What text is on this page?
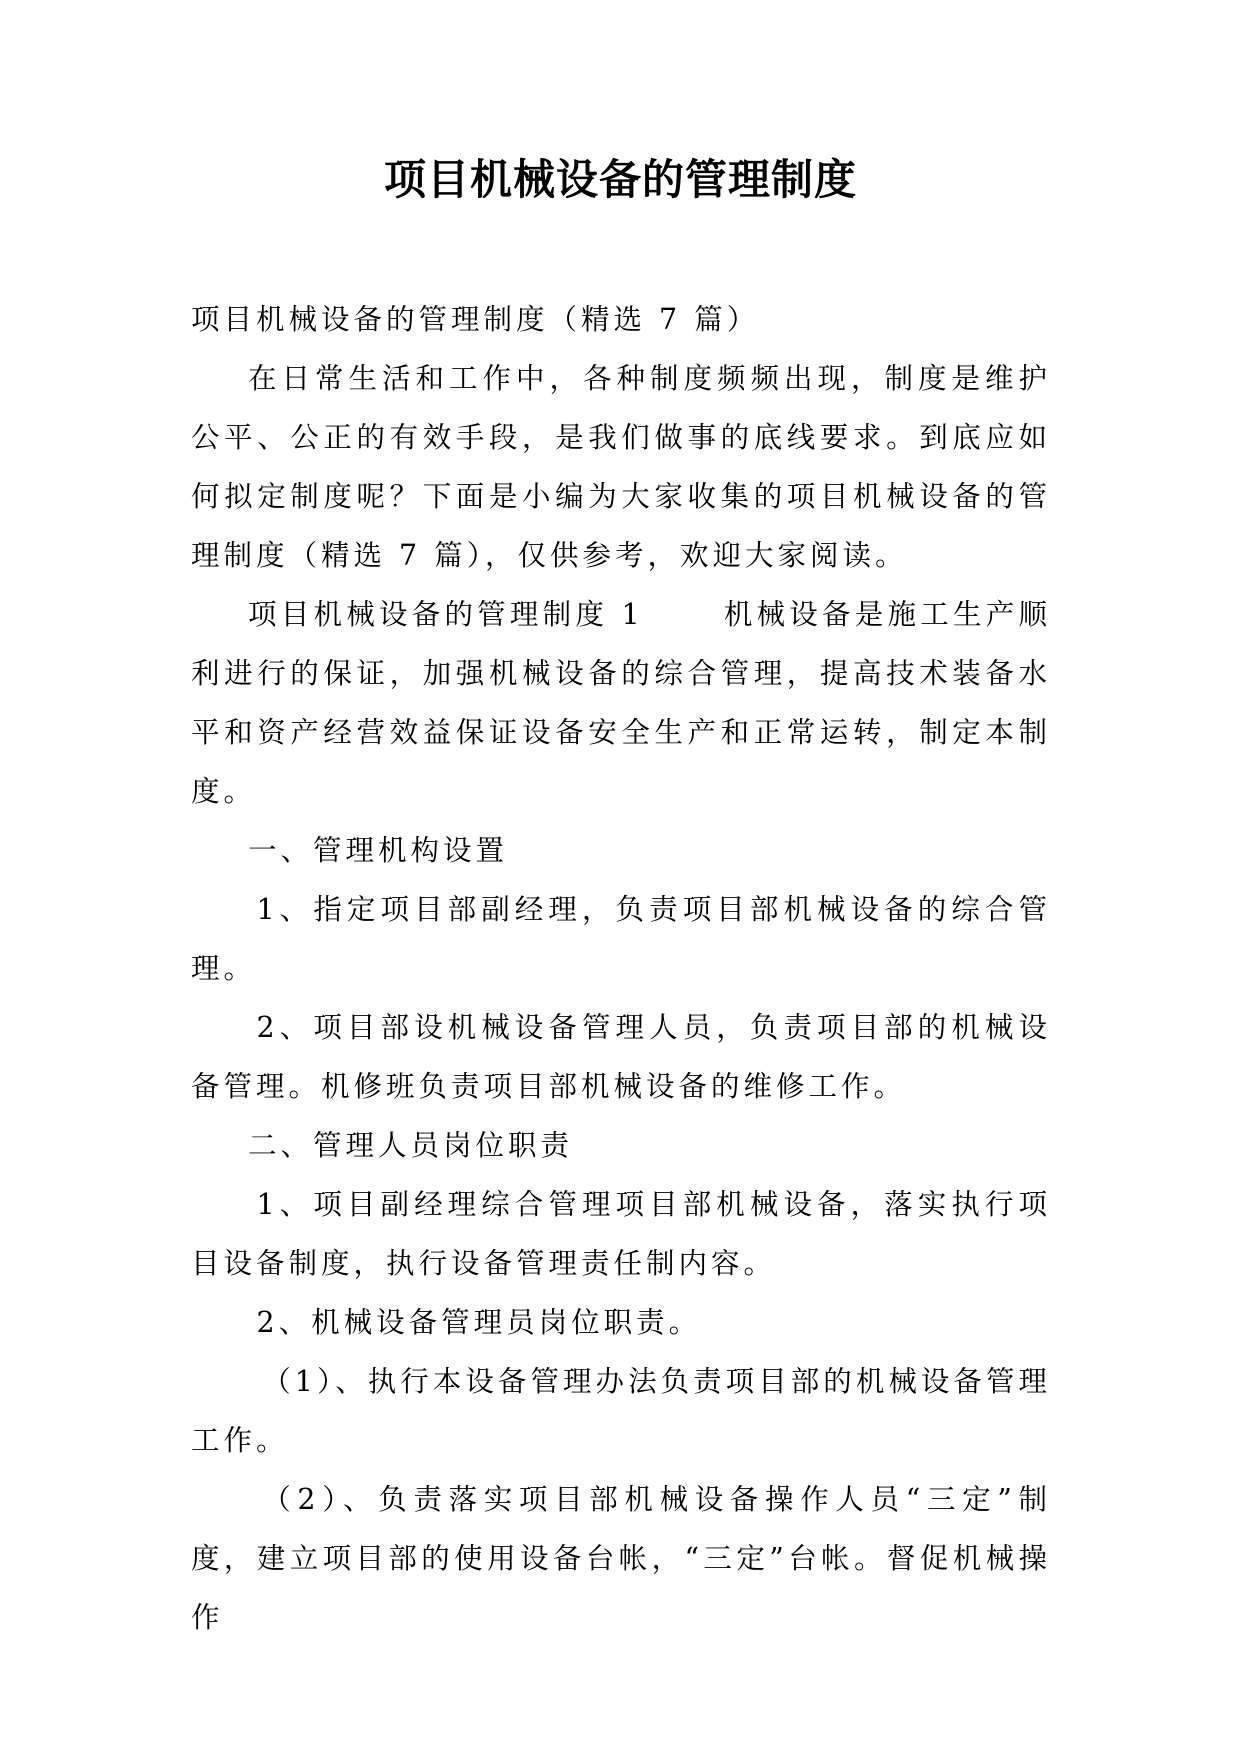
项目机械设备的管理制度

项目机械设备的管理制度（精选 7 篇）

在日常生活和工作中，各种制度频频出现，制度是维护公平、公正的有效手段，是我们做事的底线要求。到底应如何拟定制度呢？下面是小编为大家收集的项目机械设备的管理制度（精选 7 篇），仅供参考，欢迎大家阅读。

项目机械设备的管理制度 1	机械设备是施工生产顺利进行的保证，加强机械设备的综合管理，提高技术装备水平和资产经营效益保证设备安全生产和正常运转，制定本制度。

一、管理机构设置

1、指定项目部副经理，负责项目部机械设备的综合管理。

2、项目部设机械设备管理人员，负责项目部的机械设备管理。机修班负责项目部机械设备的维修工作。

二、管理人员岗位职责

1、项目副经理综合管理项目部机械设备，落实执行项目设备制度，执行设备管理责任制内容。

2、机械设备管理员岗位职责。

（1）、执行本设备管理办法负责项目部的机械设备管理工作。

（2）、负责落实项目部机械设备操作人员“三定”制度，建立项目部的使用设备台帐，“三定”台帐。督促机械操作
